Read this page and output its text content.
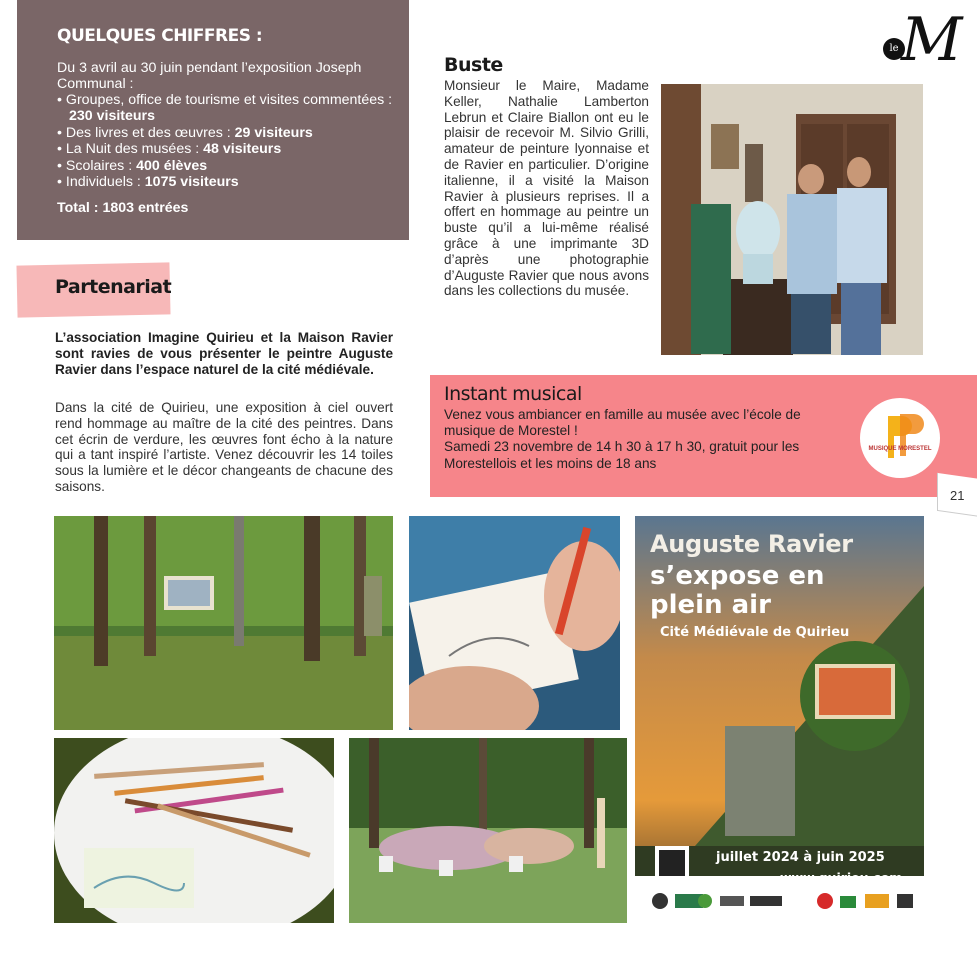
QUELQUES CHIFFRES :

Du 3 avril au 30 juin pendant l’exposition Joseph Communal :

• Groupes, office de tourisme et visites commentées : 230 visiteurs
• Des livres et des œuvres : 29 visiteurs
• La Nuit des musées : 48 visiteurs
• Scolaires : 400 élèves
• Individuels : 1075 visiteurs

Total : 1803 entrées

le M
Buste

Monsieur le Maire, Madame Keller, Nathalie Lamberton Lebrun et Claire Biallon ont eu le plaisir de recevoir M. Silvio Grilli, amateur de peinture lyonnaise et de Ravier en particulier. D’origine italienne, il a visité la Maison Ravier à plusieurs reprises. Il a offert en hommage au peintre un buste qu’il a lui-même réalisé grâce à une imprimante 3D d’après une photographie d’Auguste Ravier que nous avons dans les collections du musée.

Partenariat

L’association Imagine Quirieu et la Maison Ravier sont ravies de vous présenter le peintre Auguste Ravier dans l’espace naturel de la cité médiévale.

Dans la cité de Quirieu, une exposition à ciel ouvert rend hommage au maître de la cité des peintres. Dans cet écrin de verdure, les œuvres font écho à la nature qui a tant inspiré l’artiste. Venez découvrir les 14 toiles sous la lumière et le décor changeants de chacune des saisons.

Instant musical

Venez vous ambiancer en famille au musée avec l’école de musique de Morestel !

Samedi 23 novembre de 14 h 30 à 17 h 30, gratuit pour les Morestellois et les moins de 18 ans

MUSIQUE MORESTEL
21
Auguste Ravier
s’expose en plein air
Cité Médiévale de Quirieu
juillet 2024 à juin 2025
www.quirieu.com
